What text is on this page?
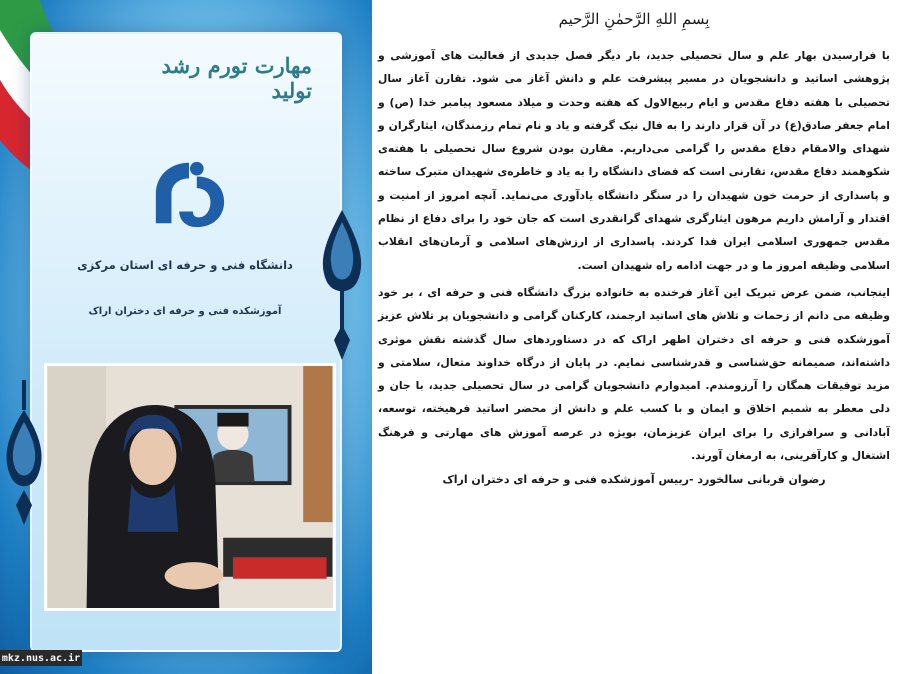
مهارت تورم رشد تولید
دانشگاه فنی و حرفه ای استان مرکزی
آموزشکده فنی و حرفه ای دختران اراک
mkz.nus.ac.ir
بِسمِ اللهِ الرَّحمٰنِ الرَّحیم

با فرارسیدن بهار علم و سال تحصیلی جدید، بار دیگر فصل جدیدی از فعالیت های آموزشی و پژوهشی اساتید و دانشجویان در مسیر پیشرفت علم و دانش آغاز می شود. تقارن آغاز سال تحصیلی با هفته دفاع مقدس و ایام ربیع‌الاول که هفته وحدت و میلاد مسعود پیامبر خدا (ص) و امام جعفر صادق(ع) در آن قرار دارند را به فال نیک گرفته و یاد و نام تمام رزمندگان، ایثارگران و شهدای والامقام دفاع مقدس را گرامی می‌داریم. مقارن بودن شروع سال تحصیلی با هفته‌ی شکوهمند دفاع مقدس، تقارنی است که فضای دانشگاه را به یاد و خاطره‌ی شهیدان متبرک ساخته و پاسداری از حرمت خون شهیدان را در سنگر دانشگاه یادآوری می‌نماید. آنچه امروز از امنیت و اقتدار و آرامش داریم مرهون ایثارگری شهدای گرانقدری است که جان خود را برای دفاع از نظام مقدس جمهوری اسلامی ایران فدا کردند. پاسداری از ارزش‌های اسلامی و آرمان‌های انقلاب اسلامی وظیفه امروز ما و در جهت ادامه راه شهیدان است.

اینجانب، ضمن عرض تبریک این آغاز فرخنده به خانواده بزرگ دانشگاه فنی و حرفه ای ، بر خود وظیفه می دانم از زحمات و تلاش های اساتید ارجمند، کارکنان گرامی و دانشجویان پر تلاش عزیز آموزشکده فنی و حرفه ای دختران اطهر اراک که در دستاوردهای سال گذشته نقش موثری داشته‌اند، صمیمانه حق‌شناسی و قدرشناسی نمایم. در پایان از درگاه خداوند متعال، سلامتی و مزید توفیقات همگان را آرزومندم. امیدوارم دانشجویان گرامی در سال تحصیلی جدید، با جان و دلی معطر به شمیم اخلاق و ایمان و با کسب علم و دانش از محضر اساتید فرهیخته، توسعه، آبادانی و سرافرازی را برای ایران عزیزمان، بویژه در عرصه آموزش های مهارتی و فرهنگ اشتغال و کارآفرینی، به ارمغان آورند.

رضوان قربانی سالخورد -رییس آموزشکده فنی و حرفه ای دختران اراک
